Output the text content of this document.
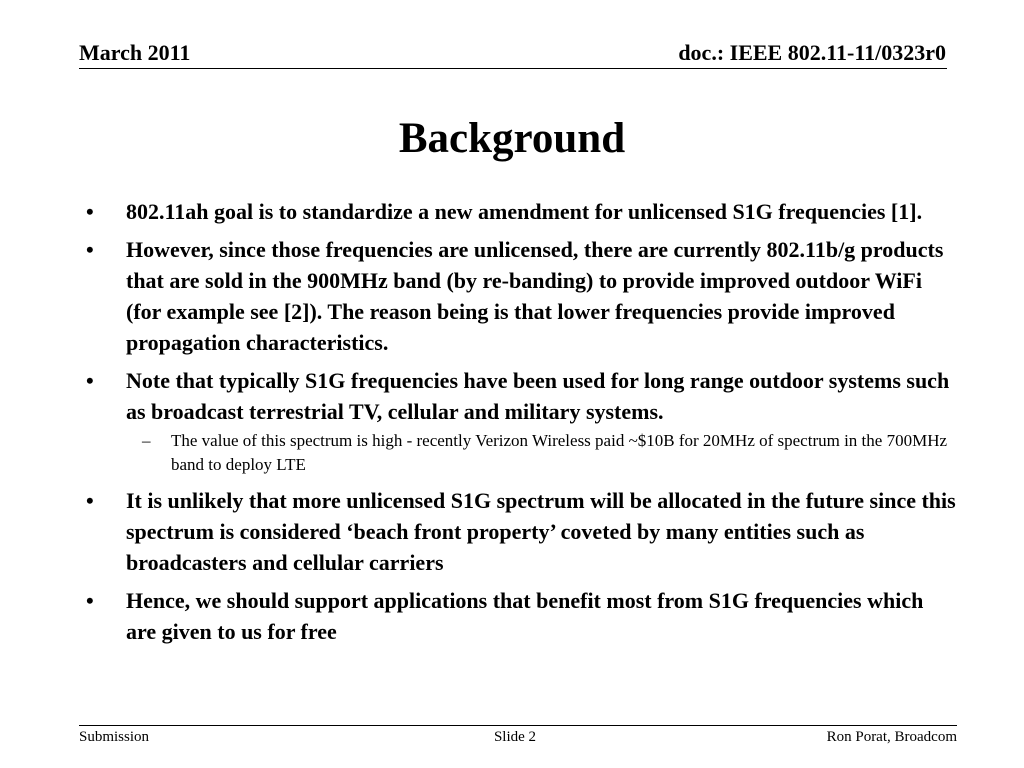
March 2011	doc.: IEEE 802.11-11/0323r0
Background
•	802.11ah goal is to standardize a new amendment for unlicensed S1G frequencies [1].
•	However, since those frequencies are unlicensed, there are currently 802.11b/g products that are sold in the 900MHz band (by re-banding) to provide improved outdoor WiFi (for example see [2]). The reason being is that lower frequencies provide improved propagation characteristics.
•	Note that typically S1G frequencies have been used for long range outdoor systems such as broadcast terrestrial TV, cellular and military systems.
–	The value of this spectrum is high - recently Verizon Wireless paid ~$10B for 20MHz of spectrum in the 700MHz band to deploy LTE
•	It is unlikely that more unlicensed S1G spectrum will be allocated in the future since this spectrum is considered ‘beach front property’ coveted by many entities such as broadcasters and cellular carriers
•	Hence, we should support applications that benefit most from S1G frequencies which are given to us for free
Submission	Slide 2	Ron Porat, Broadcom
